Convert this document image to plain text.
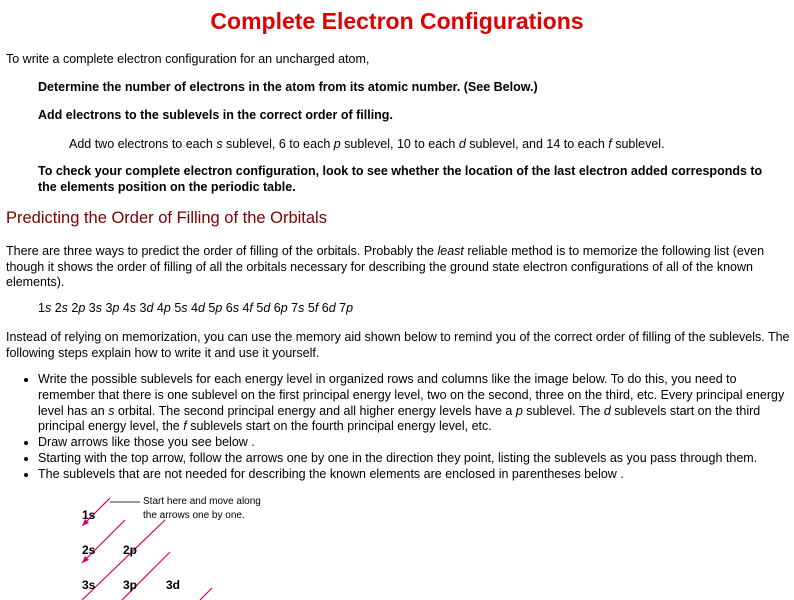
Complete Electron Configurations

To write a complete electron configuration for an uncharged atom,

Determine the number of electrons in the atom from its atomic number. (See Below.)

Add electrons to the sublevels in the correct order of filling.

Add two electrons to each s sublevel, 6 to each p sublevel, 10 to each d sublevel, and 14 to each f sublevel.

To check your complete electron configuration, look to see whether the location of the last electron added corresponds to the elements position on the periodic table.

Predicting the Order of Filling of the Orbitals

There are three ways to predict the order of filling of the orbitals. Probably the least reliable method is to memorize the following list (even though it shows the order of filling of all the orbitals necessary for describing the ground state electron configurations of all of the known elements).

1s 2s 2p 3s 3p 4s 3d 4p 5s 4d 5p 6s 4f 5d 6p 7s 5f 6d 7p

Instead of relying on memorization, you can use the memory aid shown below to remind you of the correct order of filling of the sublevels. The following steps explain how to write it and use it yourself.

• Write the possible sublevels for each energy level in organized rows and columns like the image below. To do this, you need to remember that there is one sublevel on the first principal energy level, two on the second, three on the third, etc. Every principal energy level has an s orbital. The second principal energy and all higher energy levels have a p sublevel. The d sublevels start on the third principal energy level, the f sublevels start on the fourth principal energy level, etc.
• Draw arrows like those you see below .
• Starting with the top arrow, follow the arrows one by one in the direction they point, listing the sublevels as you pass through them.
• The sublevels that are not needed for describing the known elements are enclosed in parentheses below .
Start here and move along
the arrows one by one.
1s
2s 2p
3s 3p 3d
